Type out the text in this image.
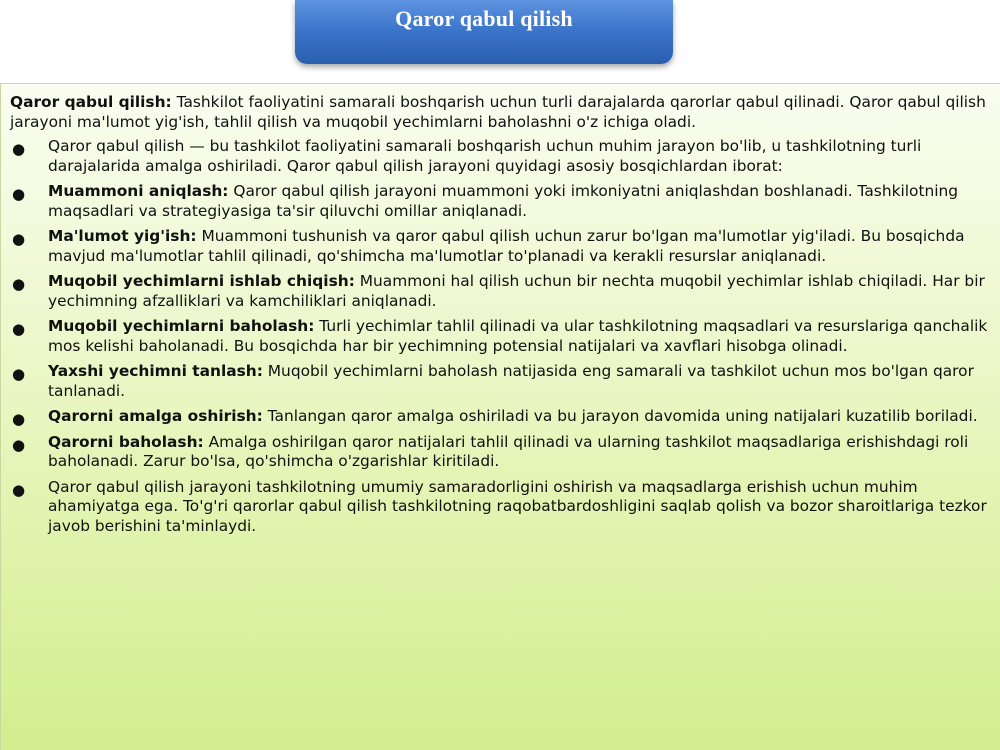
Qaror qabul qilish

Qaror qabul qilish: Tashkilot faoliyatini samarali boshqarish uchun turli darajalarda qarorlar qabul qilinadi. Qaror qabul qilish jarayoni ma'lumot yig'ish, tahlil qilish va muqobil yechimlarni baholashni o'z ichiga oladi.

● Qaror qabul qilish — bu tashkilot faoliyatini samarali boshqarish uchun muhim jarayon bo'lib, u tashkilotning turli darajalarida amalga oshiriladi. Qaror qabul qilish jarayoni quyidagi asosiy bosqichlardan iborat:
● Muammoni aniqlash: Qaror qabul qilish jarayoni muammoni yoki imkoniyatni aniqlashdan boshlanadi. Tashkilotning maqsadlari va strategiyasiga ta'sir qiluvchi omillar aniqlanadi.
● Ma'lumot yig'ish: Muammoni tushunish va qaror qabul qilish uchun zarur bo'lgan ma'lumotlar yig'iladi. Bu bosqichda mavjud ma'lumotlar tahlil qilinadi, qo'shimcha ma'lumotlar to'planadi va kerakli resurslar aniqlanadi.
● Muqobil yechimlarni ishlab chiqish: Muammoni hal qilish uchun bir nechta muqobil yechimlar ishlab chiqiladi. Har bir yechimning afzalliklari va kamchiliklari aniqlanadi.
● Muqobil yechimlarni baholash: Turli yechimlar tahlil qilinadi va ular tashkilotning maqsadlari va resurslariga qanchalik mos kelishi baholanadi. Bu bosqichda har bir yechimning potensial natijalari va xavflari hisobga olinadi.
● Yaxshi yechimni tanlash: Muqobil yechimlarni baholash natijasida eng samarali va tashkilot uchun mos bo'lgan qaror tanlanadi.
● Qarorni amalga oshirish: Tanlangan qaror amalga oshiriladi va bu jarayon davomida uning natijalari kuzatilib boriladi.
● Qarorni baholash: Amalga oshirilgan qaror natijalari tahlil qilinadi va ularning tashkilot maqsadlariga erishishdagi roli baholanadi. Zarur bo'lsa, qo'shimcha o'zgarishlar kiritiladi.
● Qaror qabul qilish jarayoni tashkilotning umumiy samaradorligini oshirish va maqsadlarga erishish uchun muhim ahamiyatga ega. To'g'ri qarorlar qabul qilish tashkilotning raqobatbardoshligini saqlab qolish va bozor sharoitlariga tezkor javob berishini ta'minlaydi.
